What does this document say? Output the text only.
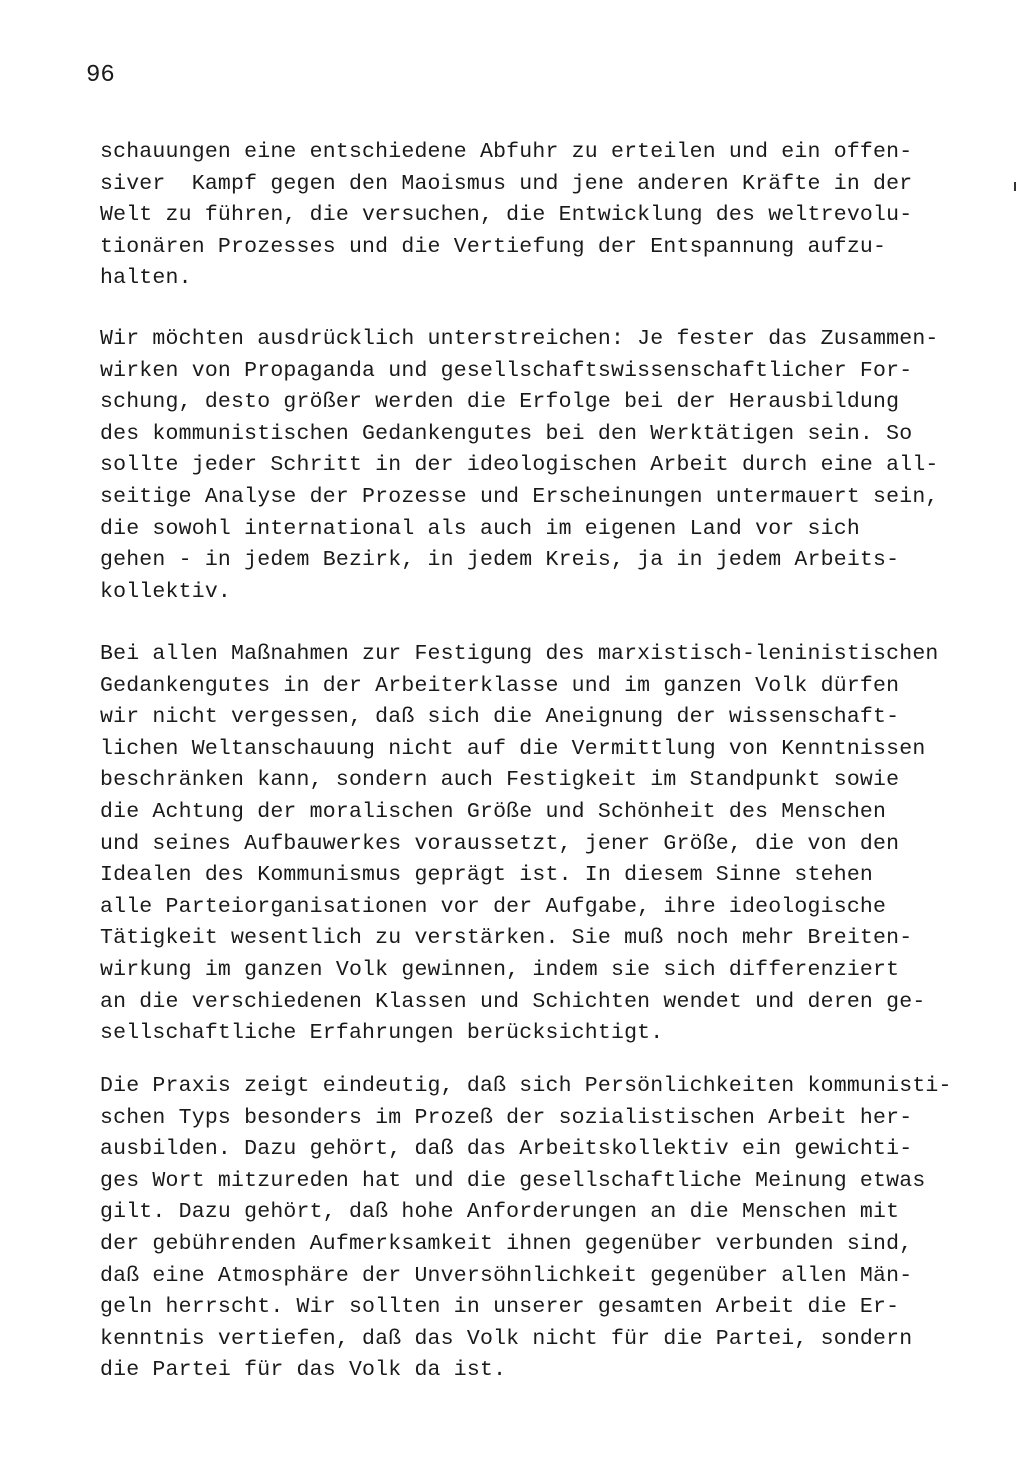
96
schauungen eine entschiedene Abfuhr zu erteilen und ein offen-
siver  Kampf gegen den Maoismus und jene anderen Kräfte in der
Welt zu führen, die versuchen, die Entwicklung des weltrevolu-
tionären Prozesses und die Vertiefung der Entspannung aufzu-
halten.
Wir möchten ausdrücklich unterstreichen: Je fester das Zusammen-
wirken von Propaganda und gesellschaftswissenschaftlicher For-
schung, desto größer werden die Erfolge bei der Herausbildung
des kommunistischen Gedankengutes bei den Werktätigen sein. So
sollte jeder Schritt in der ideologischen Arbeit durch eine all-
seitige Analyse der Prozesse und Erscheinungen untermauert sein,
die sowohl international als auch im eigenen Land vor sich
gehen - in jedem Bezirk, in jedem Kreis, ja in jedem Arbeits-
kollektiv.
Bei allen Maßnahmen zur Festigung des marxistisch-leninistischen
Gedankengutes in der Arbeiterklasse und im ganzen Volk dürfen
wir nicht vergessen, daß sich die Aneignung der wissenschaft-
lichen Weltanschauung nicht auf die Vermittlung von Kenntnissen
beschränken kann, sondern auch Festigkeit im Standpunkt sowie
die Achtung der moralischen Größe und Schönheit des Menschen
und seines Aufbauwerkes voraussetzt, jener Größe, die von den
Idealen des Kommunismus geprägt ist. In diesem Sinne stehen
alle Parteiorganisationen vor der Aufgabe, ihre ideologische
Tätigkeit wesentlich zu verstärken. Sie muß noch mehr Breiten-
wirkung im ganzen Volk gewinnen, indem sie sich differenziert
an die verschiedenen Klassen und Schichten wendet und deren ge-
sellschaftliche Erfahrungen berücksichtigt.
Die Praxis zeigt eindeutig, daß sich Persönlichkeiten kommunisti-
schen Typs besonders im Prozeß der sozialistischen Arbeit her-
ausbilden. Dazu gehört, daß das Arbeitskollektiv ein gewichti-
ges Wort mitzureden hat und die gesellschaftliche Meinung etwas
gilt. Dazu gehört, daß hohe Anforderungen an die Menschen mit
der gebührenden Aufmerksamkeit ihnen gegenüber verbunden sind,
daß eine Atmosphäre der Unversöhnlichkeit gegenüber allen Män-
geln herrscht. Wir sollten in unserer gesamten Arbeit die Er-
kenntnis vertiefen, daß das Volk nicht für die Partei, sondern
die Partei für das Volk da ist.
